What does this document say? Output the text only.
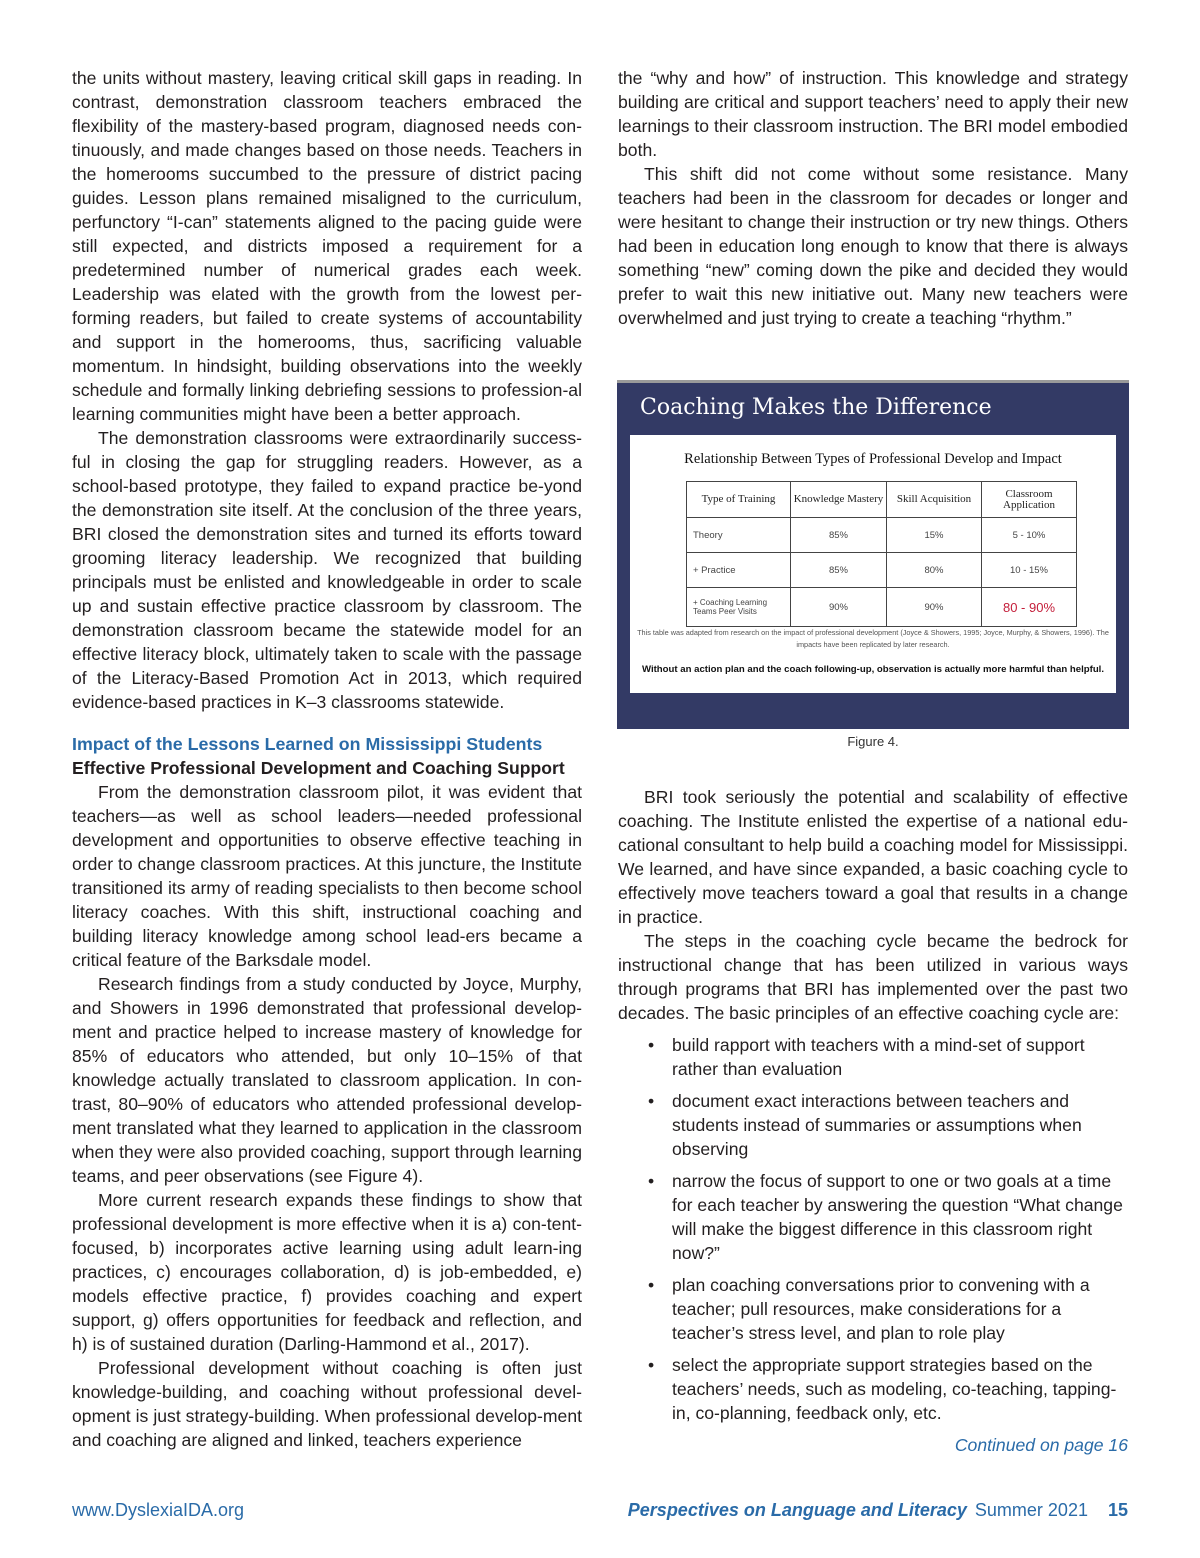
the units without mastery, leaving critical skill gaps in reading. In contrast, demonstration classroom teachers embraced the flexibility of the mastery-based program, diagnosed needs con-tinuously, and made changes based on those needs. Teachers in the homerooms succumbed to the pressure of district pacing guides. Lesson plans remained misaligned to the curriculum, perfunctory “I-can” statements aligned to the pacing guide were still expected, and districts imposed a requirement for a predetermined number of numerical grades each week. Leadership was elated with the growth from the lowest per-forming readers, but failed to create systems of accountability and support in the homerooms, thus, sacrificing valuable momentum. In hindsight, building observations into the weekly schedule and formally linking debriefing sessions to profession-al learning communities might have been a better approach.

The demonstration classrooms were extraordinarily success-ful in closing the gap for struggling readers. However, as a school-based prototype, they failed to expand practice be-yond the demonstration site itself. At the conclusion of the three years, BRI closed the demonstration sites and turned its efforts toward grooming literacy leadership. We recognized that building principals must be enlisted and knowledgeable in order to scale up and sustain effective practice classroom by classroom. The demonstration classroom became the statewide model for an effective literacy block, ultimately taken to scale with the passage of the Literacy-Based Promotion Act in 2013, which required evidence-based practices in K–3 classrooms statewide.

Impact of the Lessons Learned on Mississippi Students

Effective Professional Development and Coaching Support

From the demonstration classroom pilot, it was evident that teachers—as well as school leaders—needed professional development and opportunities to observe effective teaching in order to change classroom practices. At this juncture, the Institute transitioned its army of reading specialists to then become school literacy coaches. With this shift, instructional coaching and building literacy knowledge among school lead-ers became a critical feature of the Barksdale model.

Research findings from a study conducted by Joyce, Murphy, and Showers in 1996 demonstrated that professional develop-ment and practice helped to increase mastery of knowledge for 85% of educators who attended, but only 10–15% of that knowledge actually translated to classroom application. In con-trast, 80–90% of educators who attended professional develop-ment translated what they learned to application in the classroom when they were also provided coaching, support through learning teams, and peer observations (see Figure 4).

More current research expands these findings to show that professional development is more effective when it is a) con-tent-focused, b) incorporates active learning using adult learn-ing practices, c) encourages collaboration, d) is job-embedded, e) models effective practice, f) provides coaching and expert support, g) offers opportunities for feedback and reflection, and h) is of sustained duration (Darling-Hammond et al., 2017).

Professional development without coaching is often just knowledge-building, and coaching without professional devel-opment is just strategy-building. When professional develop-ment and coaching are aligned and linked, teachers experience

the “why and how” of instruction. This knowledge and strategy building are critical and support teachers’ need to apply their new learnings to their classroom instruction. The BRI model embodied both.

This shift did not come without some resistance. Many teachers had been in the classroom for decades or longer and were hesitant to change their instruction or try new things. Others had been in education long enough to know that there is always something “new” coming down the pike and decided they would prefer to wait this new initiative out. Many new teachers were overwhelmed and just trying to create a teaching “rhythm.”

Coaching Makes the Difference
Relationship Between Types of Professional Develop and Impact
Type of Training	Knowledge Mastery	Skill Acquisition	Classroom Application
Theory	85%	15%	5 - 10%
+ Practice	85%	80%	10 - 15%
+ Coaching Learning Teams Peer Visits	90%	90%	80 - 90%
This table was adapted from research on the impact of professional development (Joyce & Showers, 1995; Joyce, Murphy, & Showers, 1996). The impacts have been replicated by later research.
Without an action plan and the coach following-up, observation is actually more harmful than helpful.
Figure 4.

BRI took seriously the potential and scalability of effective coaching. The Institute enlisted the expertise of a national edu-cational consultant to help build a coaching model for Mississippi. We learned, and have since expanded, a basic coaching cycle to effectively move teachers toward a goal that results in a change in practice.

The steps in the coaching cycle became the bedrock for instructional change that has been utilized in various ways through programs that BRI has implemented over the past two decades. The basic principles of an effective coaching cycle are:

• build rapport with teachers with a mind-set of support rather than evaluation
• document exact interactions between teachers and students instead of summaries or assumptions when observing
• narrow the focus of support to one or two goals at a time for each teacher by answering the question “What change will make the biggest difference in this classroom right now?”
• plan coaching conversations prior to convening with a teacher; pull resources, make considerations for a teacher’s stress level, and plan to role play
• select the appropriate support strategies based on the teachers’ needs, such as modeling, co-teaching, tapping-in, co-planning, feedback only, etc.
Continued on page 16
www.DyslexiaIDA.org	Perspectives on Language and Literacy Summer 2021 15
